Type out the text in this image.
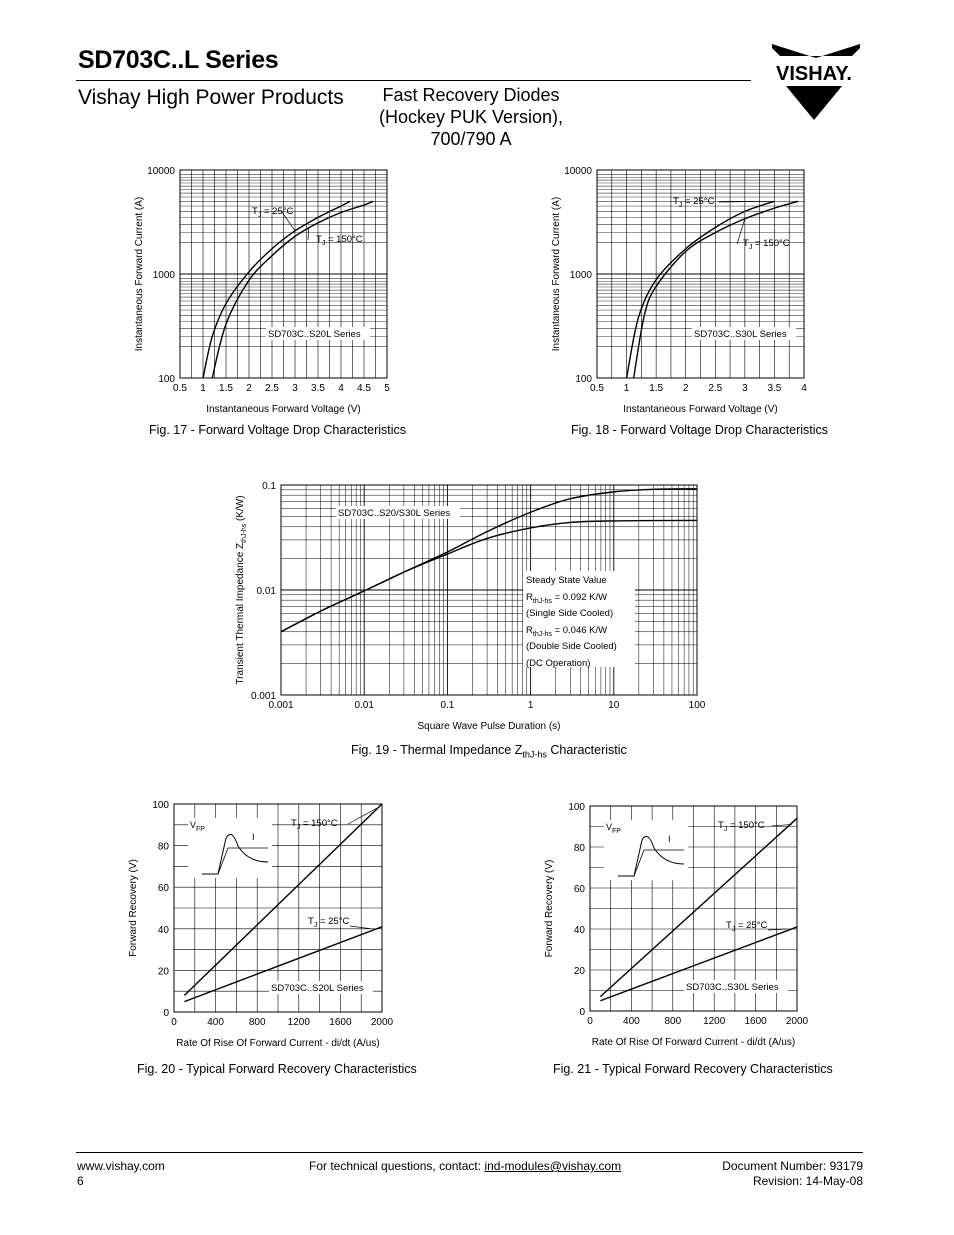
SD703C..L Series
Vishay High Power Products	Fast Recovery Diodes
(Hockey PUK Version),
700/790 A
VISHAY.
0.5 1 1.5 2 2.5 3 3.5 4 4.5 5
100
1000
10000
Instantaneous Forward Voltage (V)
Instantaneous Forward Current (A)	$T_J = 25^\circ C$
$T_J = 150^\circ C$
SD703C..S20L Series
0.5 1 1.5 2 2.5 3 3.5 4
100
1000
10000
Instantaneous Forward Voltage (V)
Instantaneous Forward Current (A)	$T_J = 25^\circ C$
$T_J = 150^\circ C$
SD703C..S30L Series
0.001	0.01	0.1	1	10	100
0.001
0.01
0.1
Square Wave Pulse Duration (s)
Transient Thermal Impedance $Z_{thJ-hs}$ (K/W)	SD703C..S20/S30L Series
Steady State Value
$R_{thJ-hs} = 0.092$ K/W
(Single Side Cooled)
$R_{thJ-hs} = 0.046$ K/W
(Double Side Cooled)
(DC Operation)
0	400 800 1200 1600 2000
0
20
40
60
80
100
Rate Of Rise Of Forward Current - di/dt (A/us)
Forward Recovery (V)
$T_J = 150^\circ C$
$T_J = 25^\circ C$
SD703C..S20L Series
$V_{FP}$
I
0	400 800 1200 1600 2000
0
20
40
60
80
100
Rate Of Rise Of Forward Current - di/dt (A/us)
Forward Recovery (V)
$T_J = 150^\circ C$
$T_J = 25^\circ C$
SD703C..S30L Series
$V_{FP}$
I
Fig. 17 - Forward Voltage Drop Characteristics	Fig. 18 - Forward Voltage Drop Characteristics
Fig. 19 - Thermal Impedance $Z_{thJ-hs}$ Characteristic
Fig. 20 - Typical Forward Recovery Characteristics	Fig. 21 - Typical Forward Recovery Characteristics
www.vishay.com
6
For technical questions, contact: ind-modules@vishay.com	Document Number: 93179
Revision: 14-May-08
